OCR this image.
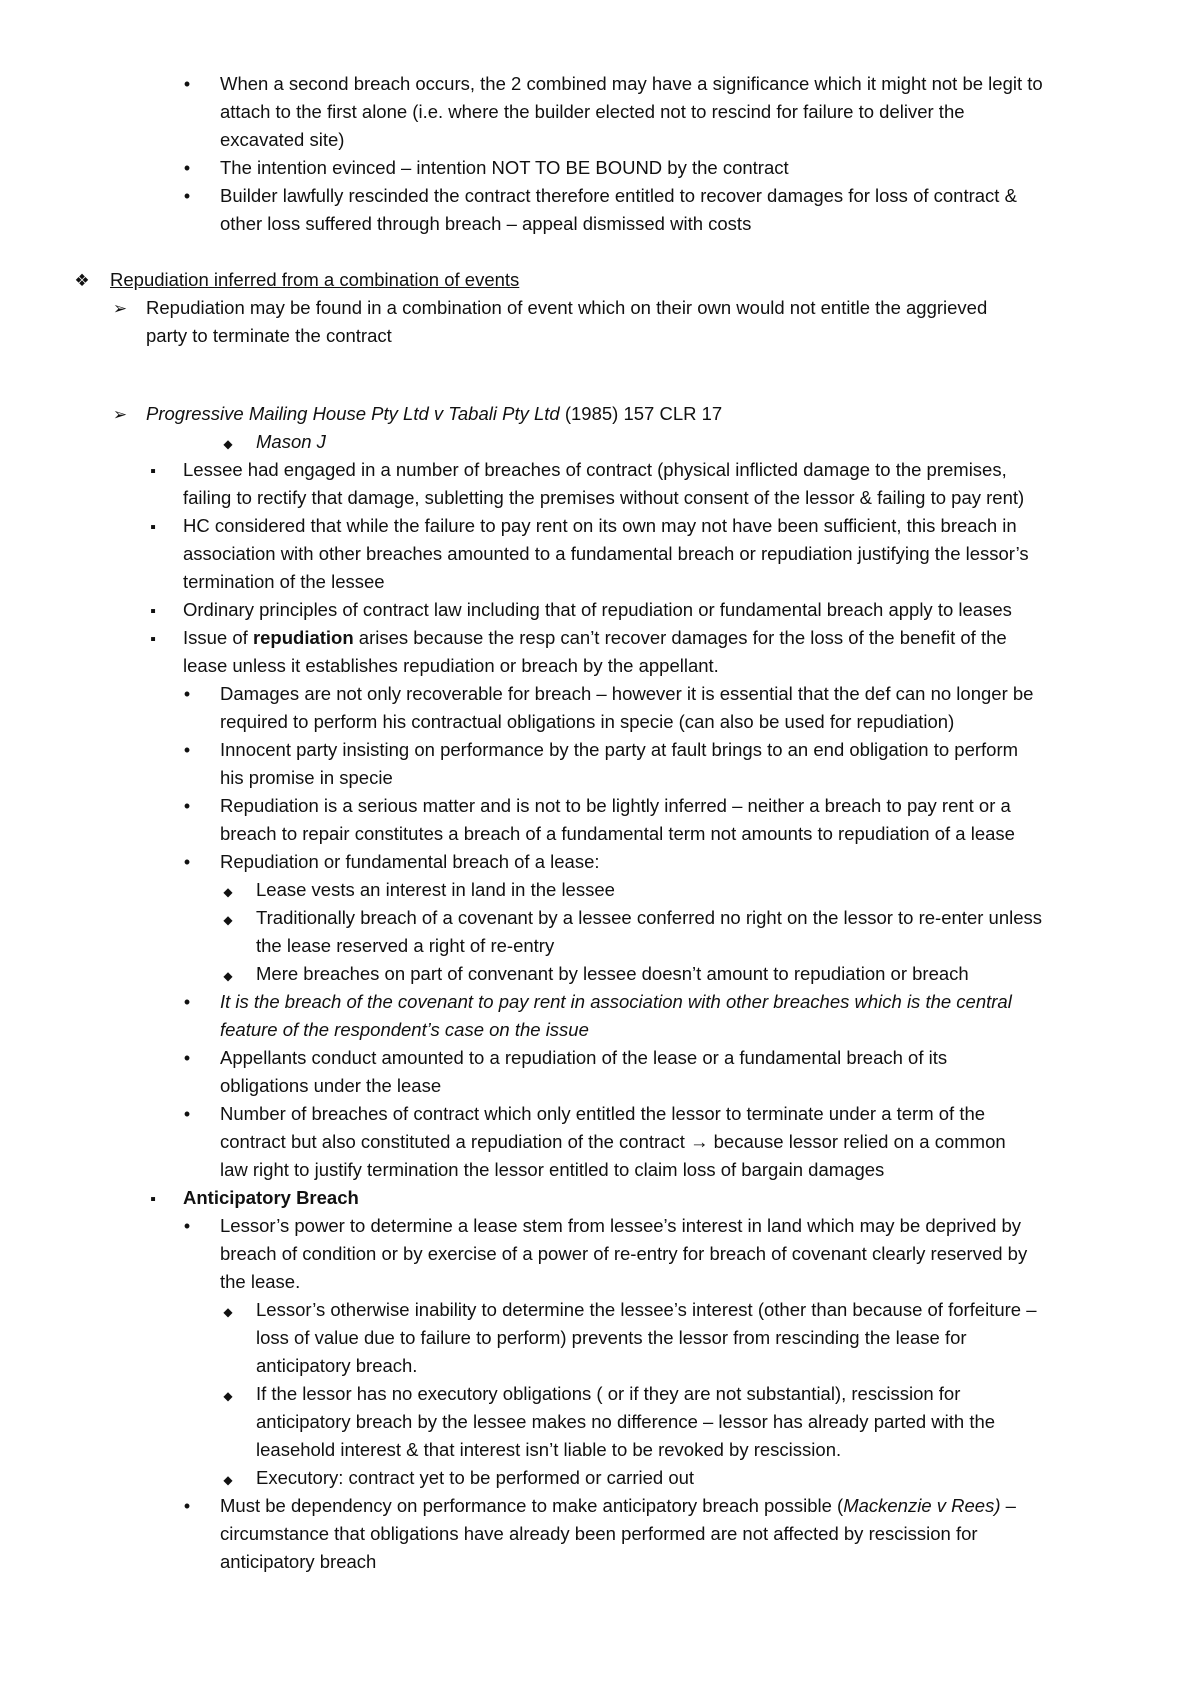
•
When a second breach occurs, the 2 combined may have a significance which it might not be legit to
attach to the first alone (i.e. where the builder elected not to rescind for failure to deliver the
excavated site)
•
The intention evinced – intention NOT TO BE BOUND by the contract
•
Builder lawfully rescinded the contract therefore entitled to recover damages for loss of contract &
other loss suffered through breach – appeal dismissed with costs
❖
Repudiation inferred from a combination of events
➢
Repudiation may be found in a combination of event which on their own would not entitle the aggrieved
party to terminate the contract
➢
Progressive Mailing House Pty Ltd v Tabali Pty Ltd (1985) 157 CLR 17
◆
Mason J
▪
Lessee had engaged in a number of breaches of contract (physical inflicted damage to the premises,
failing to rectify that damage, subletting the premises without consent of the lessor & failing to pay rent)
▪
HC considered that while the failure to pay rent on its own may not have been sufficient, this breach in
association with other breaches amounted to a fundamental breach or repudiation justifying the lessor’s
termination of the lessee
▪
Ordinary principles of contract law including that of repudiation or fundamental breach apply to leases
▪
Issue of repudiation arises because the resp can’t recover damages for the loss of the benefit of the
lease unless it establishes repudiation or breach by the appellant.
•
Damages are not only recoverable for breach – however it is essential that the def can no longer be
required to perform his contractual obligations in specie (can also be used for repudiation)
•
Innocent party insisting on performance by the party at fault brings to an end obligation to perform
his promise in specie
•
Repudiation is a serious matter and is not to be lightly inferred – neither a breach to pay rent or a
breach to repair constitutes a breach of a fundamental term not amounts to repudiation of a lease
•
Repudiation or fundamental breach of a lease:
◆
Lease vests an interest in land in the lessee
◆
Traditionally breach of a covenant by a lessee conferred no right on the lessor to re-enter unless
the lease reserved a right of re-entry
◆
Mere breaches on part of convenant by lessee doesn’t amount to repudiation or breach
•
It is the breach of the covenant to pay rent in association with other breaches which is the central
feature of the respondent’s case on the issue
•
Appellants conduct amounted to a repudiation of the lease or a fundamental breach of its
obligations under the lease
•
Number of breaches of contract which only entitled the lessor to terminate under a term of the
contract but also constituted a repudiation of the contract → because lessor relied on a common
law right to justify termination the lessor entitled to claim loss of bargain damages
▪
Anticipatory Breach
•
Lessor’s power to determine a lease stem from lessee’s interest in land which may be deprived by
breach of condition or by exercise of a power of re-entry for breach of covenant clearly reserved by
the lease.
◆
Lessor’s otherwise inability to determine the lessee’s interest (other than because of forfeiture –
loss of value due to failure to perform) prevents the lessor from rescinding the lease for
anticipatory breach.
◆
If the lessor has no executory obligations ( or if they are not substantial), rescission for
anticipatory breach by the lessee makes no difference – lessor has already parted with the
leasehold interest & that interest isn’t liable to be revoked by rescission.
◆
Executory: contract yet to be performed or carried out
•
Must be dependency on performance to make anticipatory breach possible (Mackenzie v Rees) –
circumstance that obligations have already been performed are not affected by rescission for
anticipatory breach
